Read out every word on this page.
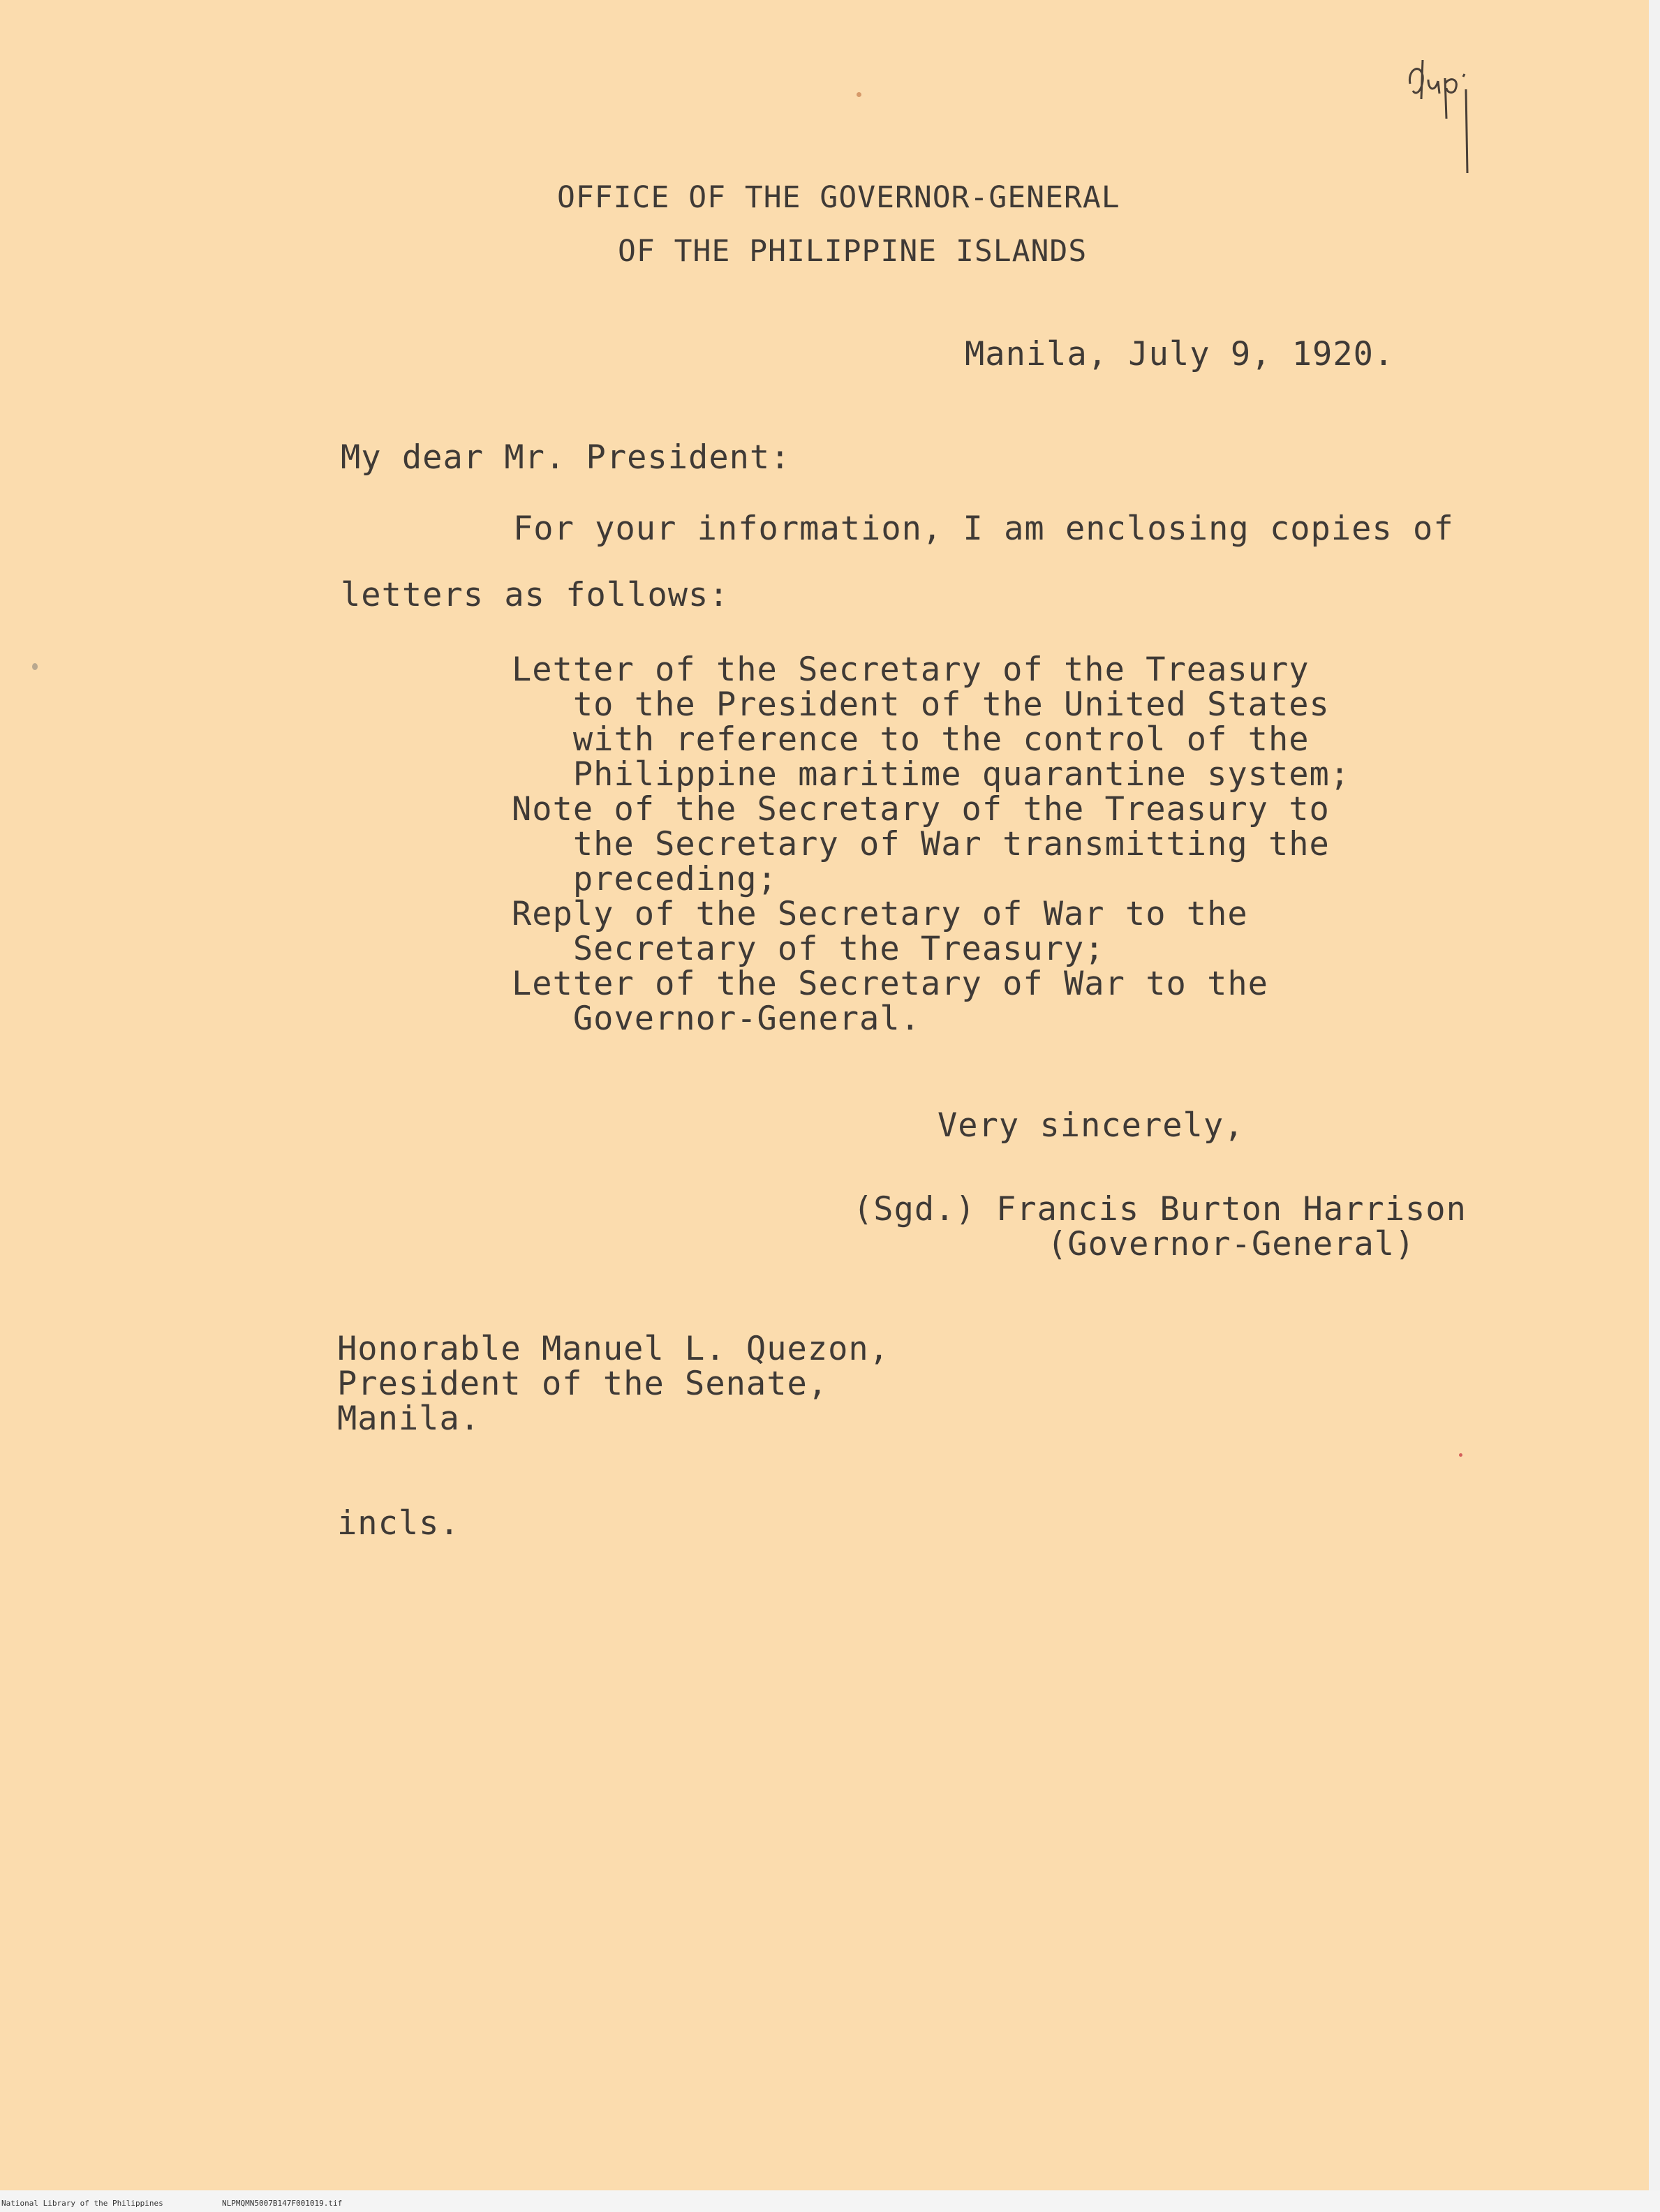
OFFICE OF THE GOVERNOR-GENERAL
OF THE PHILIPPINE ISLANDS
Manila, July 9, 1920.
My dear Mr. President:
For your information, I am enclosing copies of
letters as follows:
Letter of the Secretary of the Treasury
to the President of the United States
with reference to the control of the
Philippine maritime quarantine system;
Note of the Secretary of the Treasury to
the Secretary of War transmitting the
preceding;
Reply of the Secretary of War to the
Secretary of the Treasury;
Letter of the Secretary of War to the
Governor-General.
Very sincerely,
(Sgd.) Francis Burton Harrison
(Governor-General)
Honorable Manuel L. Quezon,
President of the Senate,
Manila.
incls.
National Library of the Philippines	NLPMQMN5007B147F001019.tif
